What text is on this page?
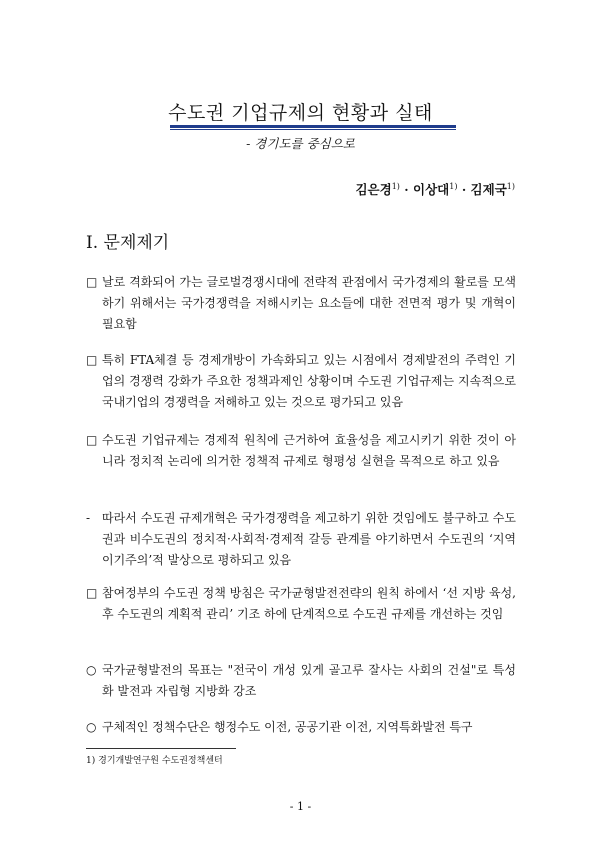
수도권 기업규제의 현황과 실태
- 경기도를 중심으로
김은경$^{1)}$ · 이상대$^{1)}$ · 김제국$^{1)}$
I. 문제제기
□ 날로 격화되어 가는 글로벌경쟁시대에 전략적 관점에서 국가경제의 활로를 모색하기 위해서는 국가경쟁력을 저해시키는 요소들에 대한 전면적 평가 및 개혁이 필요함
□ 특히 FTA체결 등 경제개방이 가속화되고 있는 시점에서 경제발전의 주력인 기업의 경쟁력 강화가 주요한 정책과제인 상황이며 수도권 기업규제는 지속적으로 국내기업의 경쟁력을 저해하고 있는 것으로 평가되고 있음
□ 수도권 기업규제는 경제적 원칙에 근거하여 효율성을 제고시키기 위한 것이 아니라 정치적 논리에 의거한 정책적 규제로 형평성 실현을 목적으로 하고 있음
- 따라서 수도권 규제개혁은 국가경쟁력을 제고하기 위한 것임에도 불구하고 수도권과 비수도권의 정치적·사회적·경제적 갈등 관계를 야기하면서 수도권의 ‘지역이기주의’적 발상으로 평하되고 있음
□ 참여정부의 수도권 정책 방침은 국가균형발전전략의 원칙 하에서 ‘선 지방 육성, 후 수도권의 계획적 관리’ 기조 하에 단계적으로 수도권 규제를 개선하는 것임
○ 국가균형발전의 목표는 "전국이 개성 있게 골고루 잘사는 사회의 건설"로 특성화 발전과 자립형 지방화 강조
○ 구체적인 정책수단은 행정수도 이전, 공공기관 이전, 지역특화발전 특구
1) 경기개발연구원 수도권정책센터
- 1 -
